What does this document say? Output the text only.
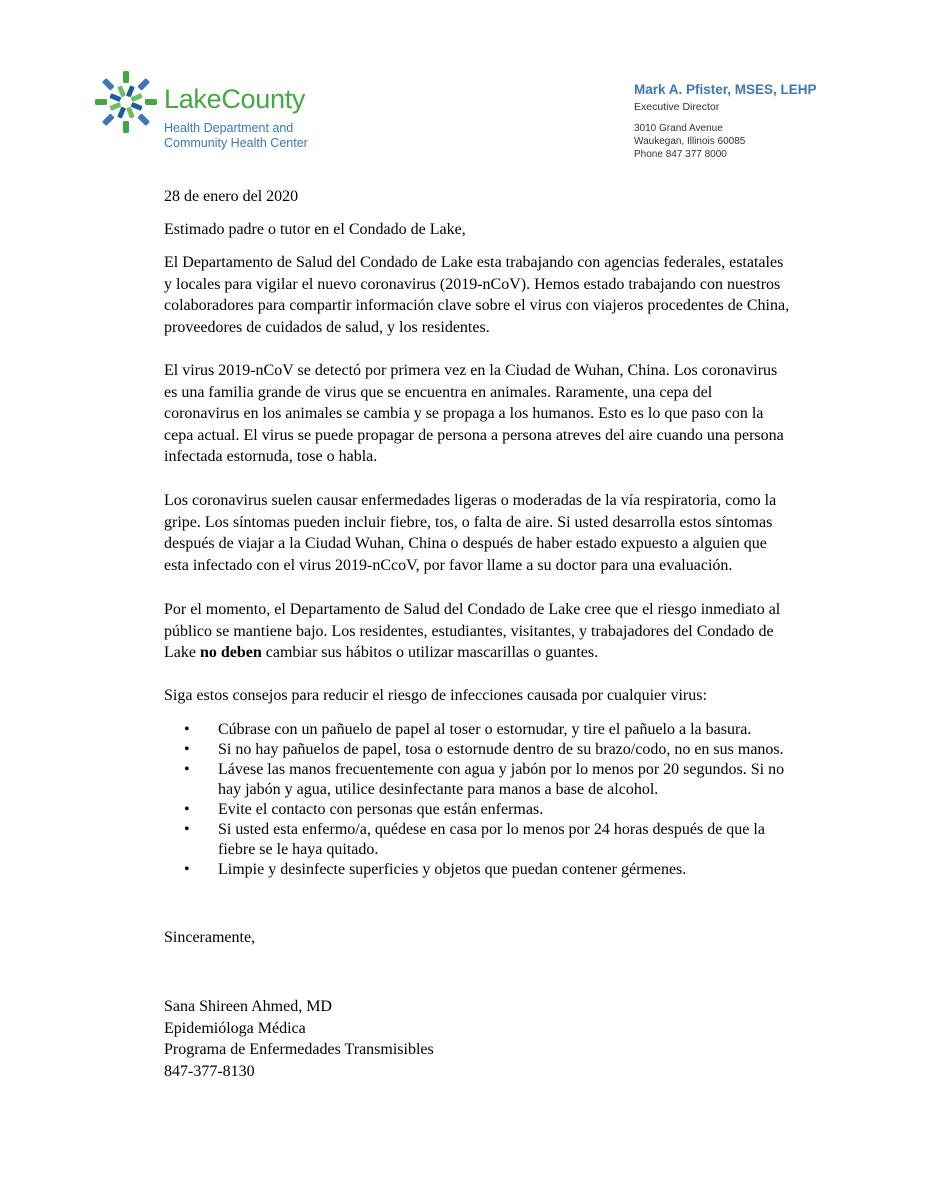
LakeCounty
Health Department and
Community Health Center
Mark A. Pfister, MSES, LEHP
Executive Director
3010 Grand Avenue
Waukegan, Illinois 60085
Phone 847 377 8000
28 de enero del 2020
Estimado padre o tutor en el Condado de Lake,
El Departamento de Salud del Condado de Lake esta trabajando con agencias federales, estatales
y locales para vigilar el nuevo coronavirus (2019-nCoV). Hemos estado trabajando con nuestros
colaboradores para compartir información clave sobre el virus con viajeros procedentes de China,
proveedores de cuidados de salud, y los residentes.
El virus 2019-nCoV se detectó por primera vez en la Ciudad de Wuhan, China. Los coronavirus
es una familia grande de virus que se encuentra en animales. Raramente, una cepa del
coronavirus en los animales se cambia y se propaga a los humanos. Esto es lo que paso con la
cepa actual. El virus se puede propagar de persona a persona atreves del aire cuando una persona
infectada estornuda, tose o habla.
Los coronavirus suelen causar enfermedades ligeras o moderadas de la vía respiratoria, como la
gripe. Los síntomas pueden incluir fiebre, tos, o falta de aire. Si usted desarrolla estos síntomas
después de viajar a la Ciudad Wuhan, China o después de haber estado expuesto a alguien que
esta infectado con el virus 2019-nCcoV, por favor llame a su doctor para una evaluación.
Por el momento, el Departamento de Salud del Condado de Lake cree que el riesgo inmediato al
público se mantiene bajo. Los residentes, estudiantes, visitantes, y trabajadores del Condado de
Lake no deben cambiar sus hábitos o utilizar mascarillas o guantes.
Siga estos consejos para reducir el riesgo de infecciones causada por cualquier virus:
• Cúbrase con un pañuelo de papel al toser o estornudar, y tire el pañuelo a la basura.
• Si no hay pañuelos de papel, tosa o estornude dentro de su brazo/codo, no en sus manos.
• Lávese las manos frecuentemente con agua y jabón por lo menos por 20 segundos. Si no
hay jabón y agua, utilice desinfectante para manos a base de alcohol.
• Evite el contacto con personas que están enfermas.
• Si usted esta enfermo/a, quédese en casa por lo menos por 24 horas después de que la
fiebre se le haya quitado.
• Limpie y desinfecte superficies y objetos que puedan contener gérmenes.
Sinceramente,
Sana Shireen Ahmed, MD
Epidemióloga Médica
Programa de Enfermedades Transmisibles
847-377-8130
